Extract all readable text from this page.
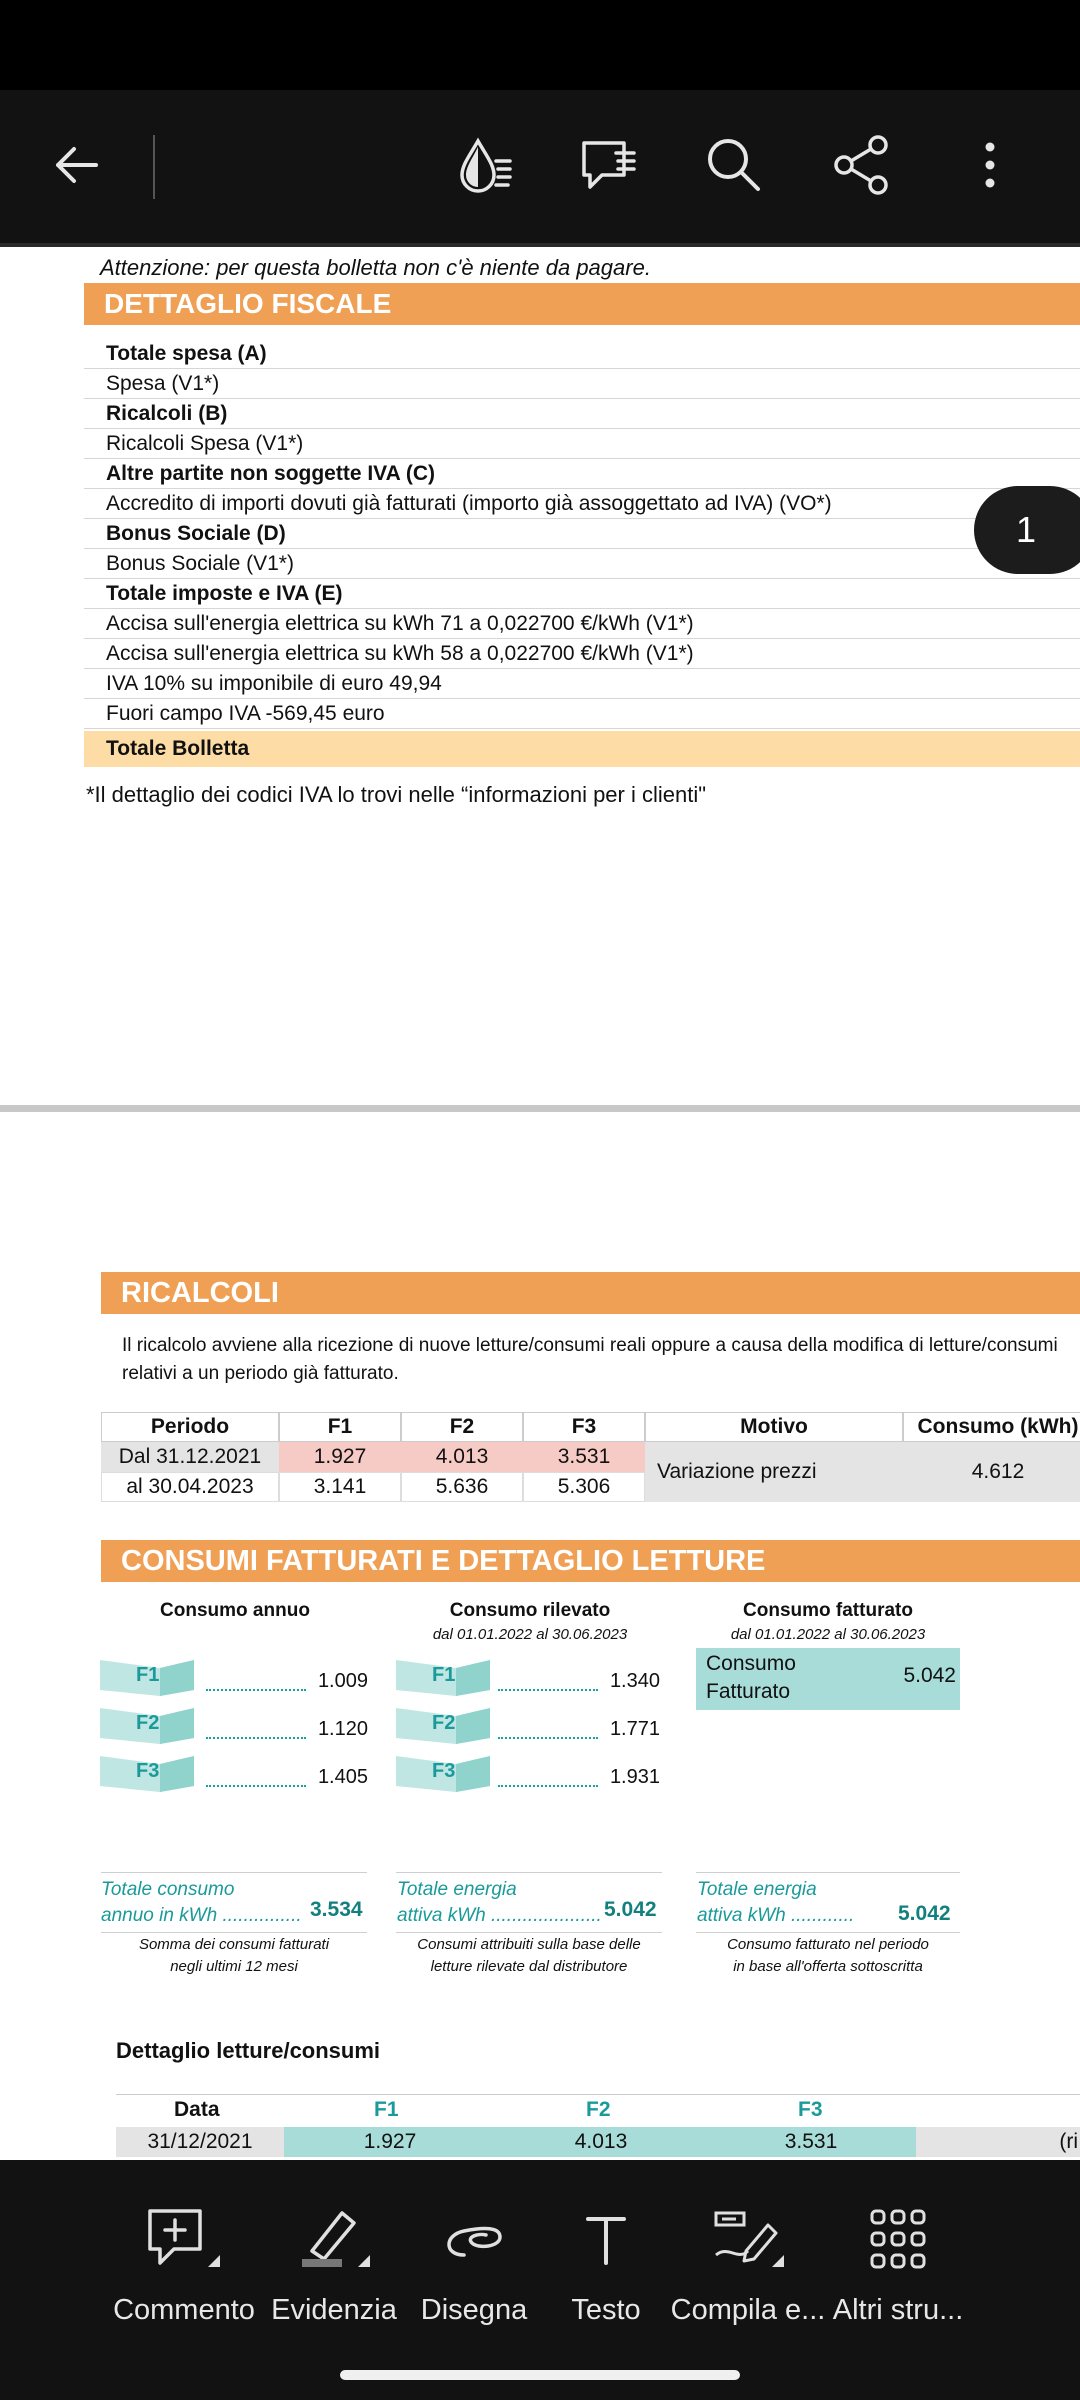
Attenzione: per questa bolletta non c'è niente da pagare.
DETTAGLIO FISCALE
Totale spesa (A)
Spesa (V1*)
Ricalcoli (B)
Ricalcoli Spesa (V1*)
Altre partite non soggette IVA (C)
Accredito di importi dovuti già fatturati (importo già assoggettato ad IVA) (VO*)
Bonus Sociale (D)
Bonus Sociale (V1*)
Totale imposte e IVA (E)
Accisa sull'energia elettrica su kWh 71 a 0,022700 €/kWh (V1*)
Accisa sull'energia elettrica su kWh 58 a 0,022700 €/kWh (V1*)
IVA 10% su imponibile di euro 49,94
Fuori campo IVA -569,45 euro
Totale Bolletta
*Il dettaglio dei codici IVA lo trovi nelle “informazioni per i clienti"
1
RICALCOLI
Il ricalcolo avviene alla ricezione di nuove letture/consumi reali oppure a causa della modifica di letture/consumi relativi a un periodo già fatturato.
Periodo	F1	F2	F3	Motivo	Consumo (kWh)
Dal 31.12.2021	1.927	4.013	3.531
al 30.04.2023	3.141	5.636	5.306
Variazione prezzi	4.612
CONSUMI FATTURATI E DETTAGLIO LETTURE
Consumo annuo	Consumo rilevato
dal 01.01.2022 al 30.06.2023
Consumo fatturato
dal 01.01.2022 al 30.06.2023
F1	1.009
F2	1.120
F3	1.405
F1	1.340
F2	1.771
F3	1.931
Consumo Fatturato
5.042
Totale consumo
annuo in kWh ............... 3.534
Somma dei consumi fatturati
negli ultimi 12 mesi
Totale energia
attiva kWh ..................... 5.042
Consumi attribuiti sulla base delle
letture rilevate dal distributore
Totale energia
attiva kWh ............ 5.042
Consumo fatturato nel periodo
in base all'offerta sottoscritta
Dettaglio letture/consumi
Data	F1	F2	F3
31/12/2021	1.927	4.013	3.531	(ri
Commento Evidenzia Disegna	Testo	Compila e... Altri stru...
